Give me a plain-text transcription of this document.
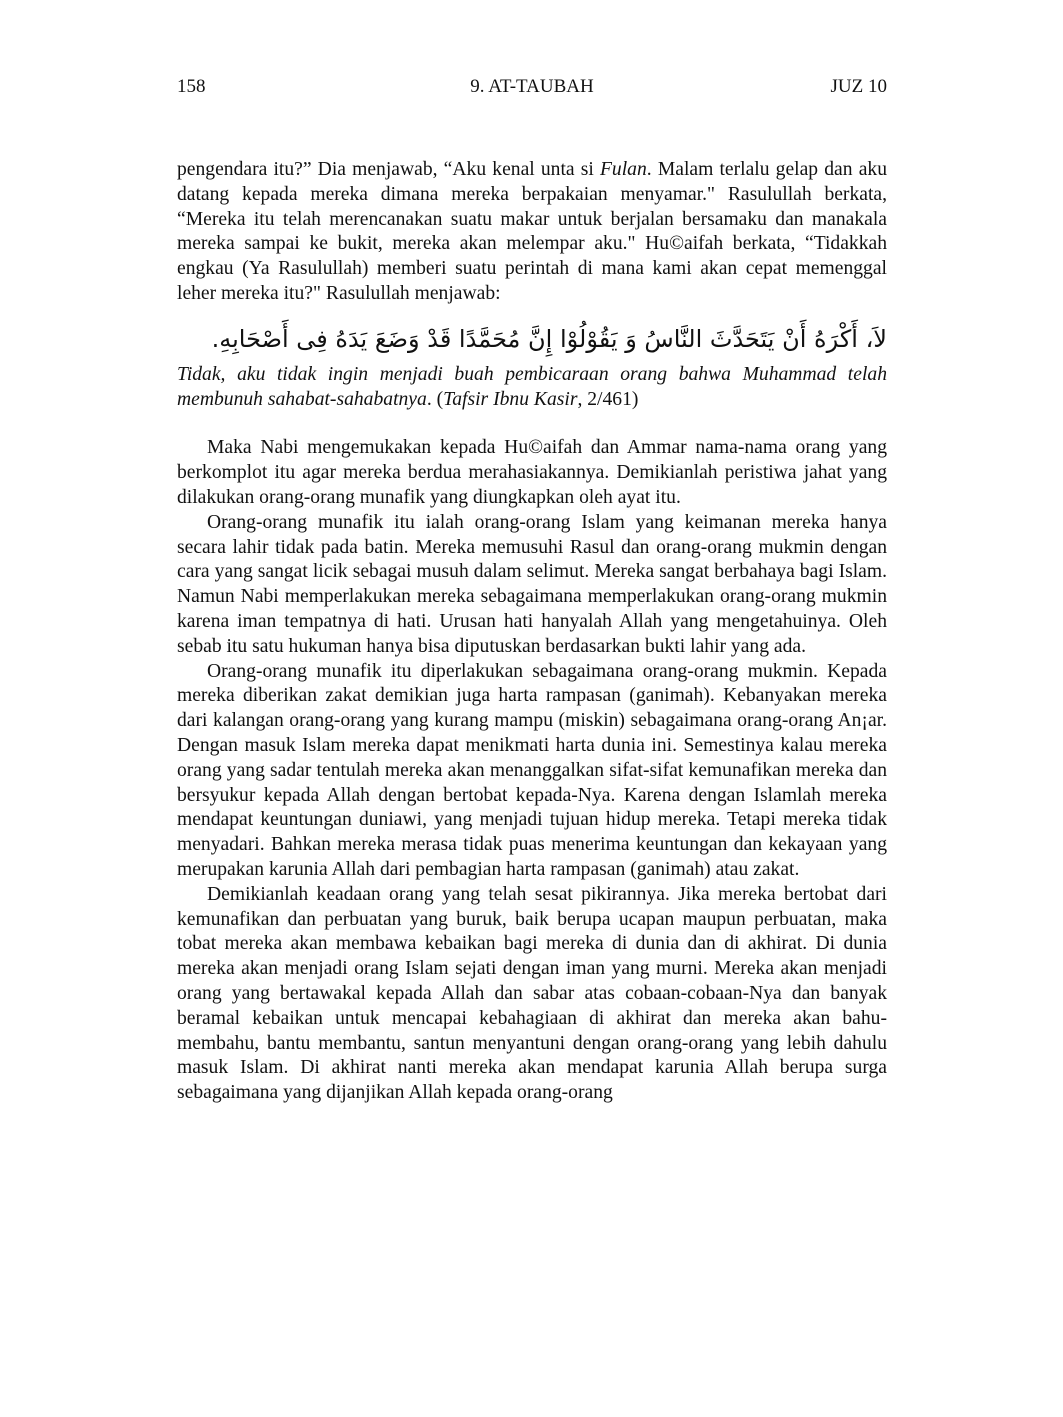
158	9. AT-TAUBAH	JUZ 10

pengendara itu?” Dia menjawab, “Aku kenal unta si Fulan. Malam terlalu gelap dan aku datang kepada mereka dimana mereka berpakaian menyamar." Rasulullah berkata, “Mereka itu telah merencanakan suatu makar untuk berjalan bersamaku dan manakala mereka sampai ke bukit, mereka akan melempar aku." Hu©aifah berkata, “Tidakkah engkau (Ya Rasulullah) memberi suatu perintah di mana kami akan cepat memenggal leher mereka itu?" Rasulullah menjawab:

لاَ، أَكْرَهُ أَنْ يَتَحَدَّثَ النَّاسُ وَ يَقُوْلُوْا إِنَّ مُحَمَّدًا قَدْ وَضَعَ يَدَهُ فِى أَصْحَابِهِ.

Tidak, aku tidak ingin menjadi buah pembicaraan orang bahwa Muhammad telah membunuh sahabat-sahabatnya. (Tafsir Ibnu Kasir, 2/461)

Maka Nabi mengemukakan kepada Hu©aifah dan Ammar nama-nama orang yang berkomplot itu agar mereka berdua merahasiakannya. Demikianlah peristiwa jahat yang dilakukan orang-orang munafik yang diungkapkan oleh ayat itu.

Orang-orang munafik itu ialah orang-orang Islam yang keimanan mereka hanya secara lahir tidak pada batin. Mereka memusuhi Rasul dan orang-orang mukmin dengan cara yang sangat licik sebagai musuh dalam selimut. Mereka sangat berbahaya bagi Islam. Namun Nabi memperlakukan mereka sebagaimana memperlakukan orang-orang mukmin karena iman tempatnya di hati. Urusan hati hanyalah Allah yang mengetahuinya. Oleh sebab itu satu hukuman hanya bisa diputuskan berdasarkan bukti lahir yang ada.

Orang-orang munafik itu diperlakukan sebagaimana orang-orang mukmin. Kepada mereka diberikan zakat demikian juga harta rampasan (ganimah). Kebanyakan mereka dari kalangan orang-orang yang kurang mampu (miskin) sebagaimana orang-orang An¡ar. Dengan masuk Islam mereka dapat menikmati harta dunia ini. Semestinya kalau mereka orang yang sadar tentulah mereka akan menanggalkan sifat-sifat kemunafikan mereka dan bersyukur kepada Allah dengan bertobat kepada-Nya. Karena dengan Islamlah mereka mendapat keuntungan duniawi, yang menjadi tujuan hidup mereka. Tetapi mereka tidak menyadari. Bahkan mereka merasa tidak puas menerima keuntungan dan kekayaan yang merupakan karunia Allah dari pembagian harta rampasan (ganimah) atau zakat.

Demikianlah keadaan orang yang telah sesat pikirannya. Jika mereka bertobat dari kemunafikan dan perbuatan yang buruk, baik berupa ucapan maupun perbuatan, maka tobat mereka akan membawa kebaikan bagi mereka di dunia dan di akhirat. Di dunia mereka akan menjadi orang Islam sejati dengan iman yang murni. Mereka akan menjadi orang yang bertawakal kepada Allah dan sabar atas cobaan-cobaan-Nya dan banyak beramal kebaikan untuk mencapai kebahagiaan di akhirat dan mereka akan bahu-membahu, bantu membantu, santun menyantuni dengan orang-orang yang lebih dahulu masuk Islam. Di akhirat nanti mereka akan mendapat karunia Allah berupa surga sebagaimana yang dijanjikan Allah kepada orang-orang
